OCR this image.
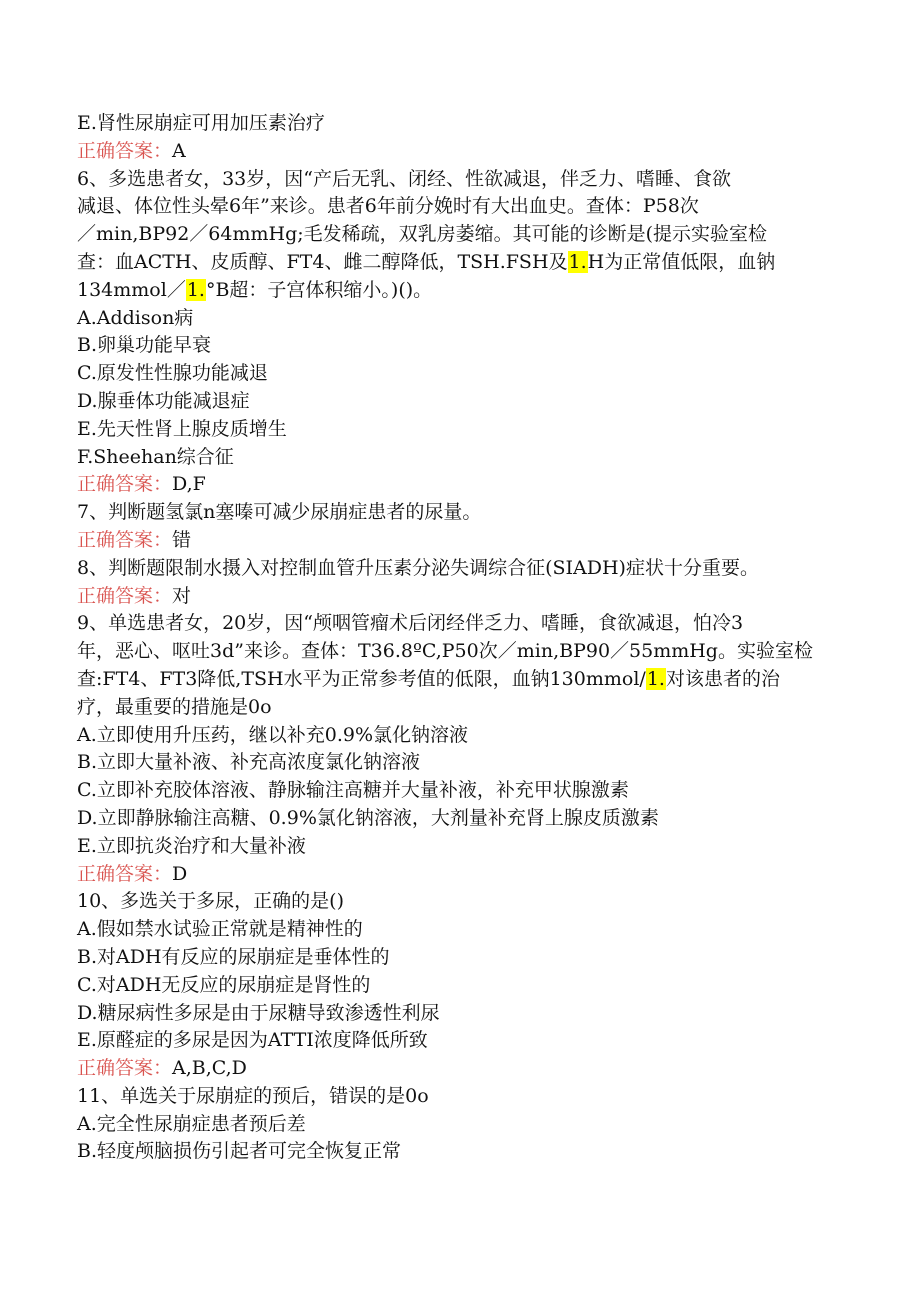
E.肾性尿崩症可用加压素治疗
正确答案：A
6、多选患者女，33岁，因“产后无乳、闭经、性欲减退，伴乏力、嗜睡、食欲
减退、体位性头晕6年”来诊。患者6年前分娩时有大出血史。查体：P58次
／min,BP92／64mmHg;毛发稀疏，双乳房萎缩。其可能的诊断是(提示实验室检
查：血ACTH、皮质醇、FT4、雌二醇降低，TSH.FSH及1.H为正常值低限，血钠
134mmol／1.°B超：子宫体积缩小。)()。
A.Addison病
B.卵巢功能早衰
C.原发性性腺功能减退
D.腺垂体功能减退症
E.先天性肾上腺皮质增生
F.Sheehan综合征
正确答案：D,F
7、判断题氢氯n塞嗪可减少尿崩症患者的尿量。
正确答案：错
8、判断题限制水摄入对控制血管升压素分泌失调综合征(SIADH)症状十分重要。
正确答案：对
9、单选患者女，20岁，因“颅咽管瘤术后闭经伴乏力、嗜睡，食欲减退，怕冷3
年，恶心、呕吐3d”来诊。查体：T36.8ºC,P50次／min,BP90／55mmHg。实验室检
查:FT4、FT3降低,TSH水平为正常参考值的低限，血钠130mmol/1.对该患者的治
疗，最重要的措施是0o
A.立即使用升压药，继以补充0.9%氯化钠溶液
B.立即大量补液、补充高浓度氯化钠溶液
C.立即补充胶体溶液、静脉输注高糖并大量补液，补充甲状腺激素
D.立即静脉输注高糖、0.9%氯化钠溶液，大剂量补充肾上腺皮质激素
E.立即抗炎治疗和大量补液
正确答案：D
10、多选关于多尿，正确的是()
A.假如禁水试验正常就是精神性的
B.对ADH有反应的尿崩症是垂体性的
C.对ADH无反应的尿崩症是肾性的
D.糖尿病性多尿是由于尿糖导致渗透性利尿
E.原醛症的多尿是因为ATTI浓度降低所致
正确答案：A,B,C,D
11、单选关于尿崩症的预后，错误的是0o
A.完全性尿崩症患者预后差
B.轻度颅脑损伤引起者可完全恢复正常
